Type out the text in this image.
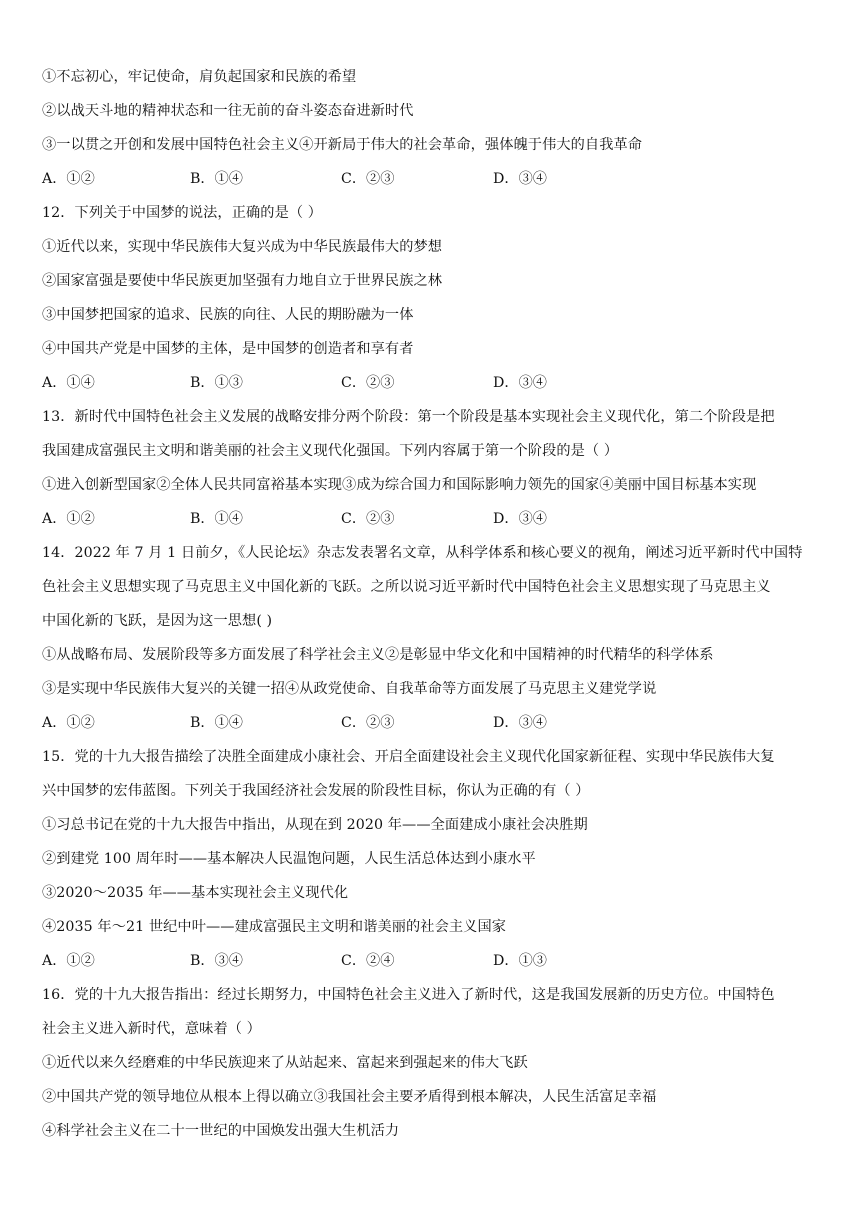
①不忘初心，牢记使命，肩负起国家和民族的希望
②以战天斗地的精神状态和一往无前的奋斗姿态奋进新时代
③一以贯之开创和发展中国特色社会主义④开新局于伟大的社会革命，强体魄于伟大的自我革命
A．①②	B．①④	C．②③	D．③④
12．下列关于中国梦的说法，正确的是（ ）
①近代以来，实现中华民族伟大复兴成为中华民族最伟大的梦想
②国家富强是要使中华民族更加坚强有力地自立于世界民族之林
③中国梦把国家的追求、民族的向往、人民的期盼融为一体
④中国共产党是中国梦的主体，是中国梦的创造者和享有者
A．①④	B．①③	C．②③	D．③④
13．新时代中国特色社会主义发展的战略安排分两个阶段：第一个阶段是基本实现社会主义现代化，第二个阶段是把
我国建成富强民主文明和谐美丽的社会主义现代化强国。下列内容属于第一个阶段的是（ ）
①进入创新型国家②全体人民共同富裕基本实现③成为综合国力和国际影响力领先的国家④美丽中国目标基本实现
A．①②	B．①④	C．②③	D．③④
14．2022 年 7 月 1 日前夕，《人民论坛》杂志发表署名文章，从科学体系和核心要义的视角，阐述习近平新时代中国特
色社会主义思想实现了马克思主义中国化新的飞跃。之所以说习近平新时代中国特色社会主义思想实现了马克思主义
中国化新的飞跃，是因为这一思想( )
①从战略布局、发展阶段等多方面发展了科学社会主义②是彰显中华文化和中国精神的时代精华的科学体系
③是实现中华民族伟大复兴的关键一招④从政党使命、自我革命等方面发展了马克思主义建党学说
A．①②	B．①④	C．②③	D．③④
15．党的十九大报告描绘了决胜全面建成小康社会、开启全面建设社会主义现代化国家新征程、实现中华民族伟大复
兴中国梦的宏伟蓝图。下列关于我国经济社会发展的阶段性目标，你认为正确的有（ ）
①习总书记在党的十九大报告中指出，从现在到 2020 年——全面建成小康社会决胜期
②到建党 100 周年时——基本解决人民温饱问题，人民生活总体达到小康水平
③2020～2035 年——基本实现社会主义现代化
④2035 年～21 世纪中叶——建成富强民主文明和谐美丽的社会主义国家
A．①②	B．③④	C．②④	D．①③
16．党的十九大报告指出：经过长期努力，中国特色社会主义进入了新时代，这是我国发展新的历史方位。中国特色
社会主义进入新时代，意味着（ ）
①近代以来久经磨难的中华民族迎来了从站起来、富起来到强起来的伟大飞跃
②中国共产党的领导地位从根本上得以确立③我国社会主要矛盾得到根本解决，人民生活富足幸福
④科学社会主义在二十一世纪的中国焕发出强大生机活力
